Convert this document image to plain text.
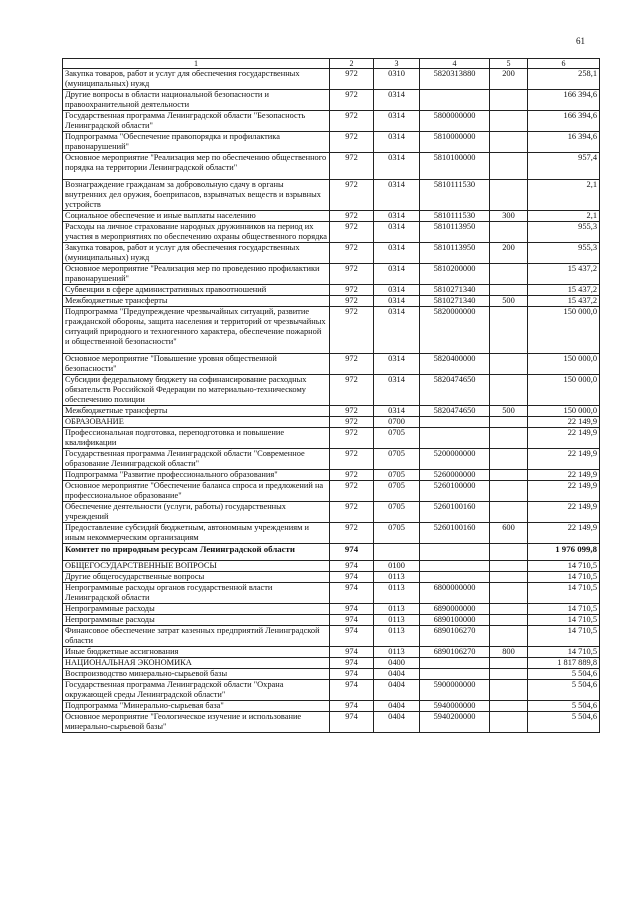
61
1	2	3	4	5	6
Закупка товаров, работ и услуг для обеспечения государственных (муниципальных) нужд	972	0310	5820313880	200	258,1
Другие вопросы в области национальной безопасности и правоохранительной деятельности	972	0314			166 394,6
Государственная программа Ленинградской области "Безопасность Ленинградской области"	972	0314	5800000000		166 394,6
Подпрограмма "Обеспечение правопорядка и профилактика правонарушений"	972	0314	5810000000		16 394,6
Основное мероприятие "Реализация мер по обеспечению общественного порядка на территории Ленинградской области"	972	0314	5810100000		957,4
Вознаграждение гражданам за добровольную сдачу в органы внутренних дел оружия, боеприпасов, взрывчатых веществ и взрывных устройств	972	0314	5810111530		2,1
Социальное обеспечение и иные выплаты населению	972	0314	5810111530	300	2,1
Расходы на личное страхование народных дружинников на период их участия в мероприятиях по обеспечению охраны общественного порядка	972	0314	5810113950		955,3
Закупка товаров, работ и услуг для обеспечения государственных (муниципальных) нужд	972	0314	5810113950	200	955,3
Основное мероприятие "Реализация мер по проведению профилактики правонарушений"	972	0314	5810200000		15 437,2
Субвенции в сфере административных правоотношений	972	0314	5810271340		15 437,2
Межбюджетные трансферты	972	0314	5810271340	500	15 437,2
Подпрограмма "Предупреждение чрезвычайных ситуаций, развитие гражданской обороны, защита населения и территорий от чрезвычайных ситуаций природного и техногенного характера, обеспечение пожарной и общественной безопасности"	972	0314	5820000000		150 000,0
Основное мероприятие "Повышение уровня общественной безопасности"	972	0314	5820400000		150 000,0
Субсидии федеральному бюджету на софинансирование расходных обязательств Российской Федерации по материально-техническому обеспечению полиции	972	0314	5820474650		150 000,0
Межбюджетные трансферты	972	0314	5820474650	500	150 000,0
ОБРАЗОВАНИЕ	972	0700			22 149,9
Профессиональная подготовка, переподготовка и повышение квалификации	972	0705			22 149,9
Государственная программа Ленинградской области "Современное образование Ленинградской области"	972	0705	5200000000		22 149,9
Подпрограмма "Развитие профессионального образования"	972	0705	5260000000		22 149,9
Основное мероприятие "Обеспечение баланса спроса и предложений на профессиональное образование"	972	0705	5260100000		22 149,9
Обеспечение деятельности (услуги, работы) государственных учреждений	972	0705	5260100160		22 149,9
Предоставление субсидий бюджетным, автономным учреждениям и иным некоммерческим организациям	972	0705	5260100160	600	22 149,9
Комитет по природным ресурсам Ленинградской области	974				1 976 099,8
ОБЩЕГОСУДАРСТВЕННЫЕ ВОПРОСЫ	974	0100			14 710,5
Другие общегосударственные вопросы	974	0113			14 710,5
Непрограммные расходы органов государственной власти Ленинградской области	974	0113	6800000000		14 710,5
Непрограммные расходы	974	0113	6890000000		14 710,5
Непрограммные расходы	974	0113	6890100000		14 710,5
Финансовое обеспечение затрат казенных предприятий Ленинградской области	974	0113	6890106270		14 710,5
Иные бюджетные ассигнования	974	0113	6890106270	800	14 710,5
НАЦИОНАЛЬНАЯ ЭКОНОМИКА	974	0400			1 817 889,8
Воспроизводство минерально-сырьевой базы	974	0404			5 504,6
Государственная программа Ленинградской области "Охрана окружающей среды Ленинградской области"	974	0404	5900000000		5 504,6
Подпрограмма "Минерально-сырьевая база"	974	0404	5940000000		5 504,6
Основное мероприятие "Геологическое изучение и использование минерально-сырьевой базы"	974	0404	5940200000		5 504,6
